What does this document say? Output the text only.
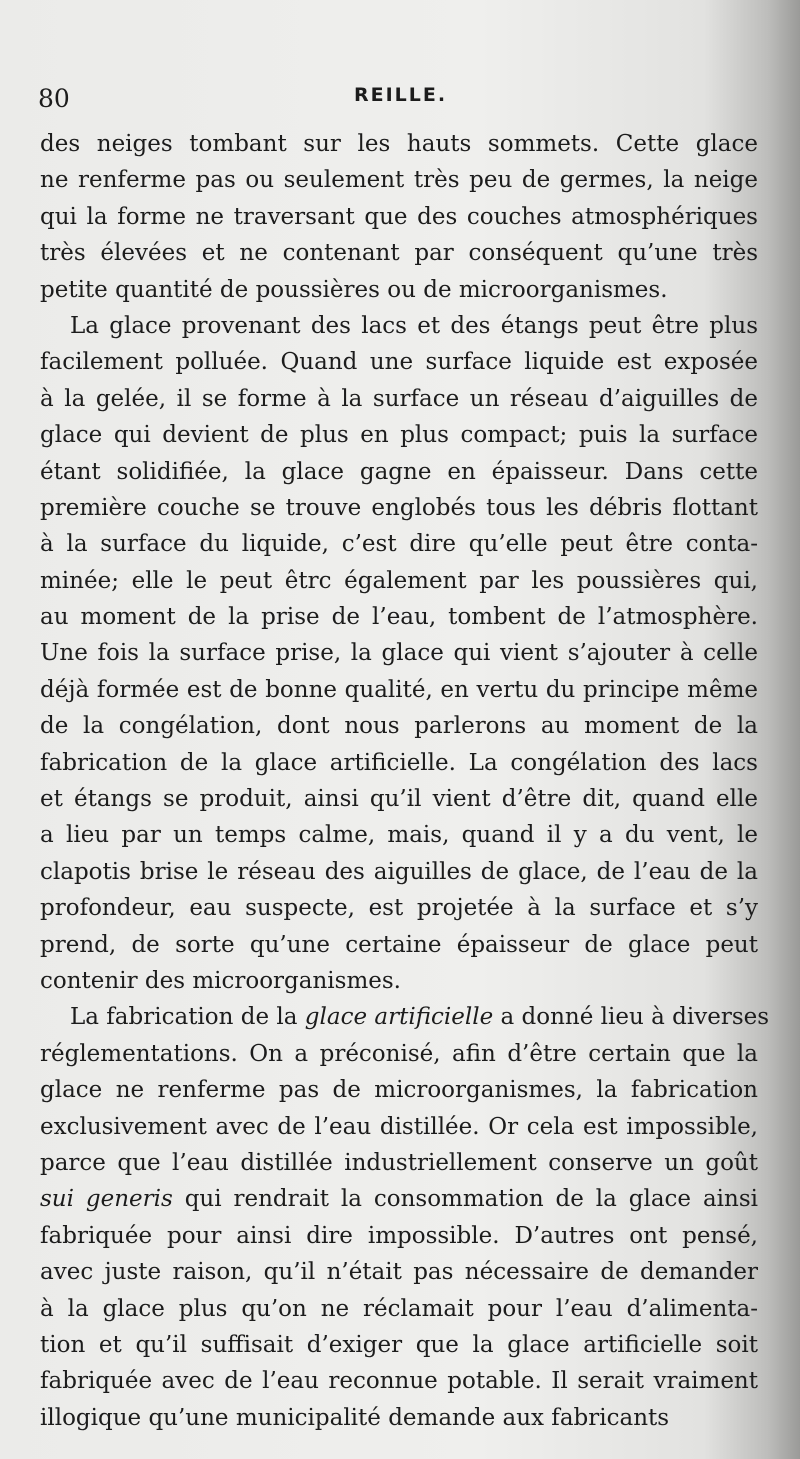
80	REILLE.
des neiges tombant sur les hauts sommets. Cette glace
ne renferme pas ou seulement très peu de germes, la neige
qui la forme ne traversant que des couches atmosphériques
très élevées et ne contenant par conséquent qu’une très
petite quantité de poussières ou de microorganismes.
La glace provenant des lacs et des étangs peut être plus
facilement polluée. Quand une surface liquide est exposée
à la gelée, il se forme à la surface un réseau d’aiguilles de
glace qui devient de plus en plus compact; puis la surface
étant solidifiée, la glace gagne en épaisseur. Dans cette
première couche se trouve englobés tous les débris flottant
à la surface du liquide, c’est dire qu’elle peut être conta-
minée; elle le peut êtrc également par les poussières qui,
au moment de la prise de l’eau, tombent de l’atmosphère.
Une fois la surface prise, la glace qui vient s’ajouter à celle
déjà formée est de bonne qualité, en vertu du principe même
de la congélation, dont nous parlerons au moment de la
fabrication de la glace artificielle. La congélation des lacs
et étangs se produit, ainsi qu’il vient d’être dit, quand elle
a lieu par un temps calme, mais, quand il y a du vent, le
clapotis brise le réseau des aiguilles de glace, de l’eau de la
profondeur, eau suspecte, est projetée à la surface et s’y
prend, de sorte qu’une certaine épaisseur de glace peut
contenir des microorganismes.
La fabrication de la glace artificielle a donné lieu à diverses
réglementations. On a préconisé, afin d’être certain que la
glace ne renferme pas de microorganismes, la fabrication
exclusivement avec de l’eau distillée. Or cela est impossible,
parce que l’eau distillée industriellement conserve un goût
sui generis qui rendrait la consommation de la glace ainsi
fabriquée pour ainsi dire impossible. D’autres ont pensé,
avec juste raison, qu’il n’était pas nécessaire de demander
à la glace plus qu’on ne réclamait pour l’eau d’alimenta-
tion et qu’il suffisait d’exiger que la glace artificielle soit
fabriquée avec de l’eau reconnue potable. Il serait vraiment
illogique qu’une municipalité demande aux fabricants
